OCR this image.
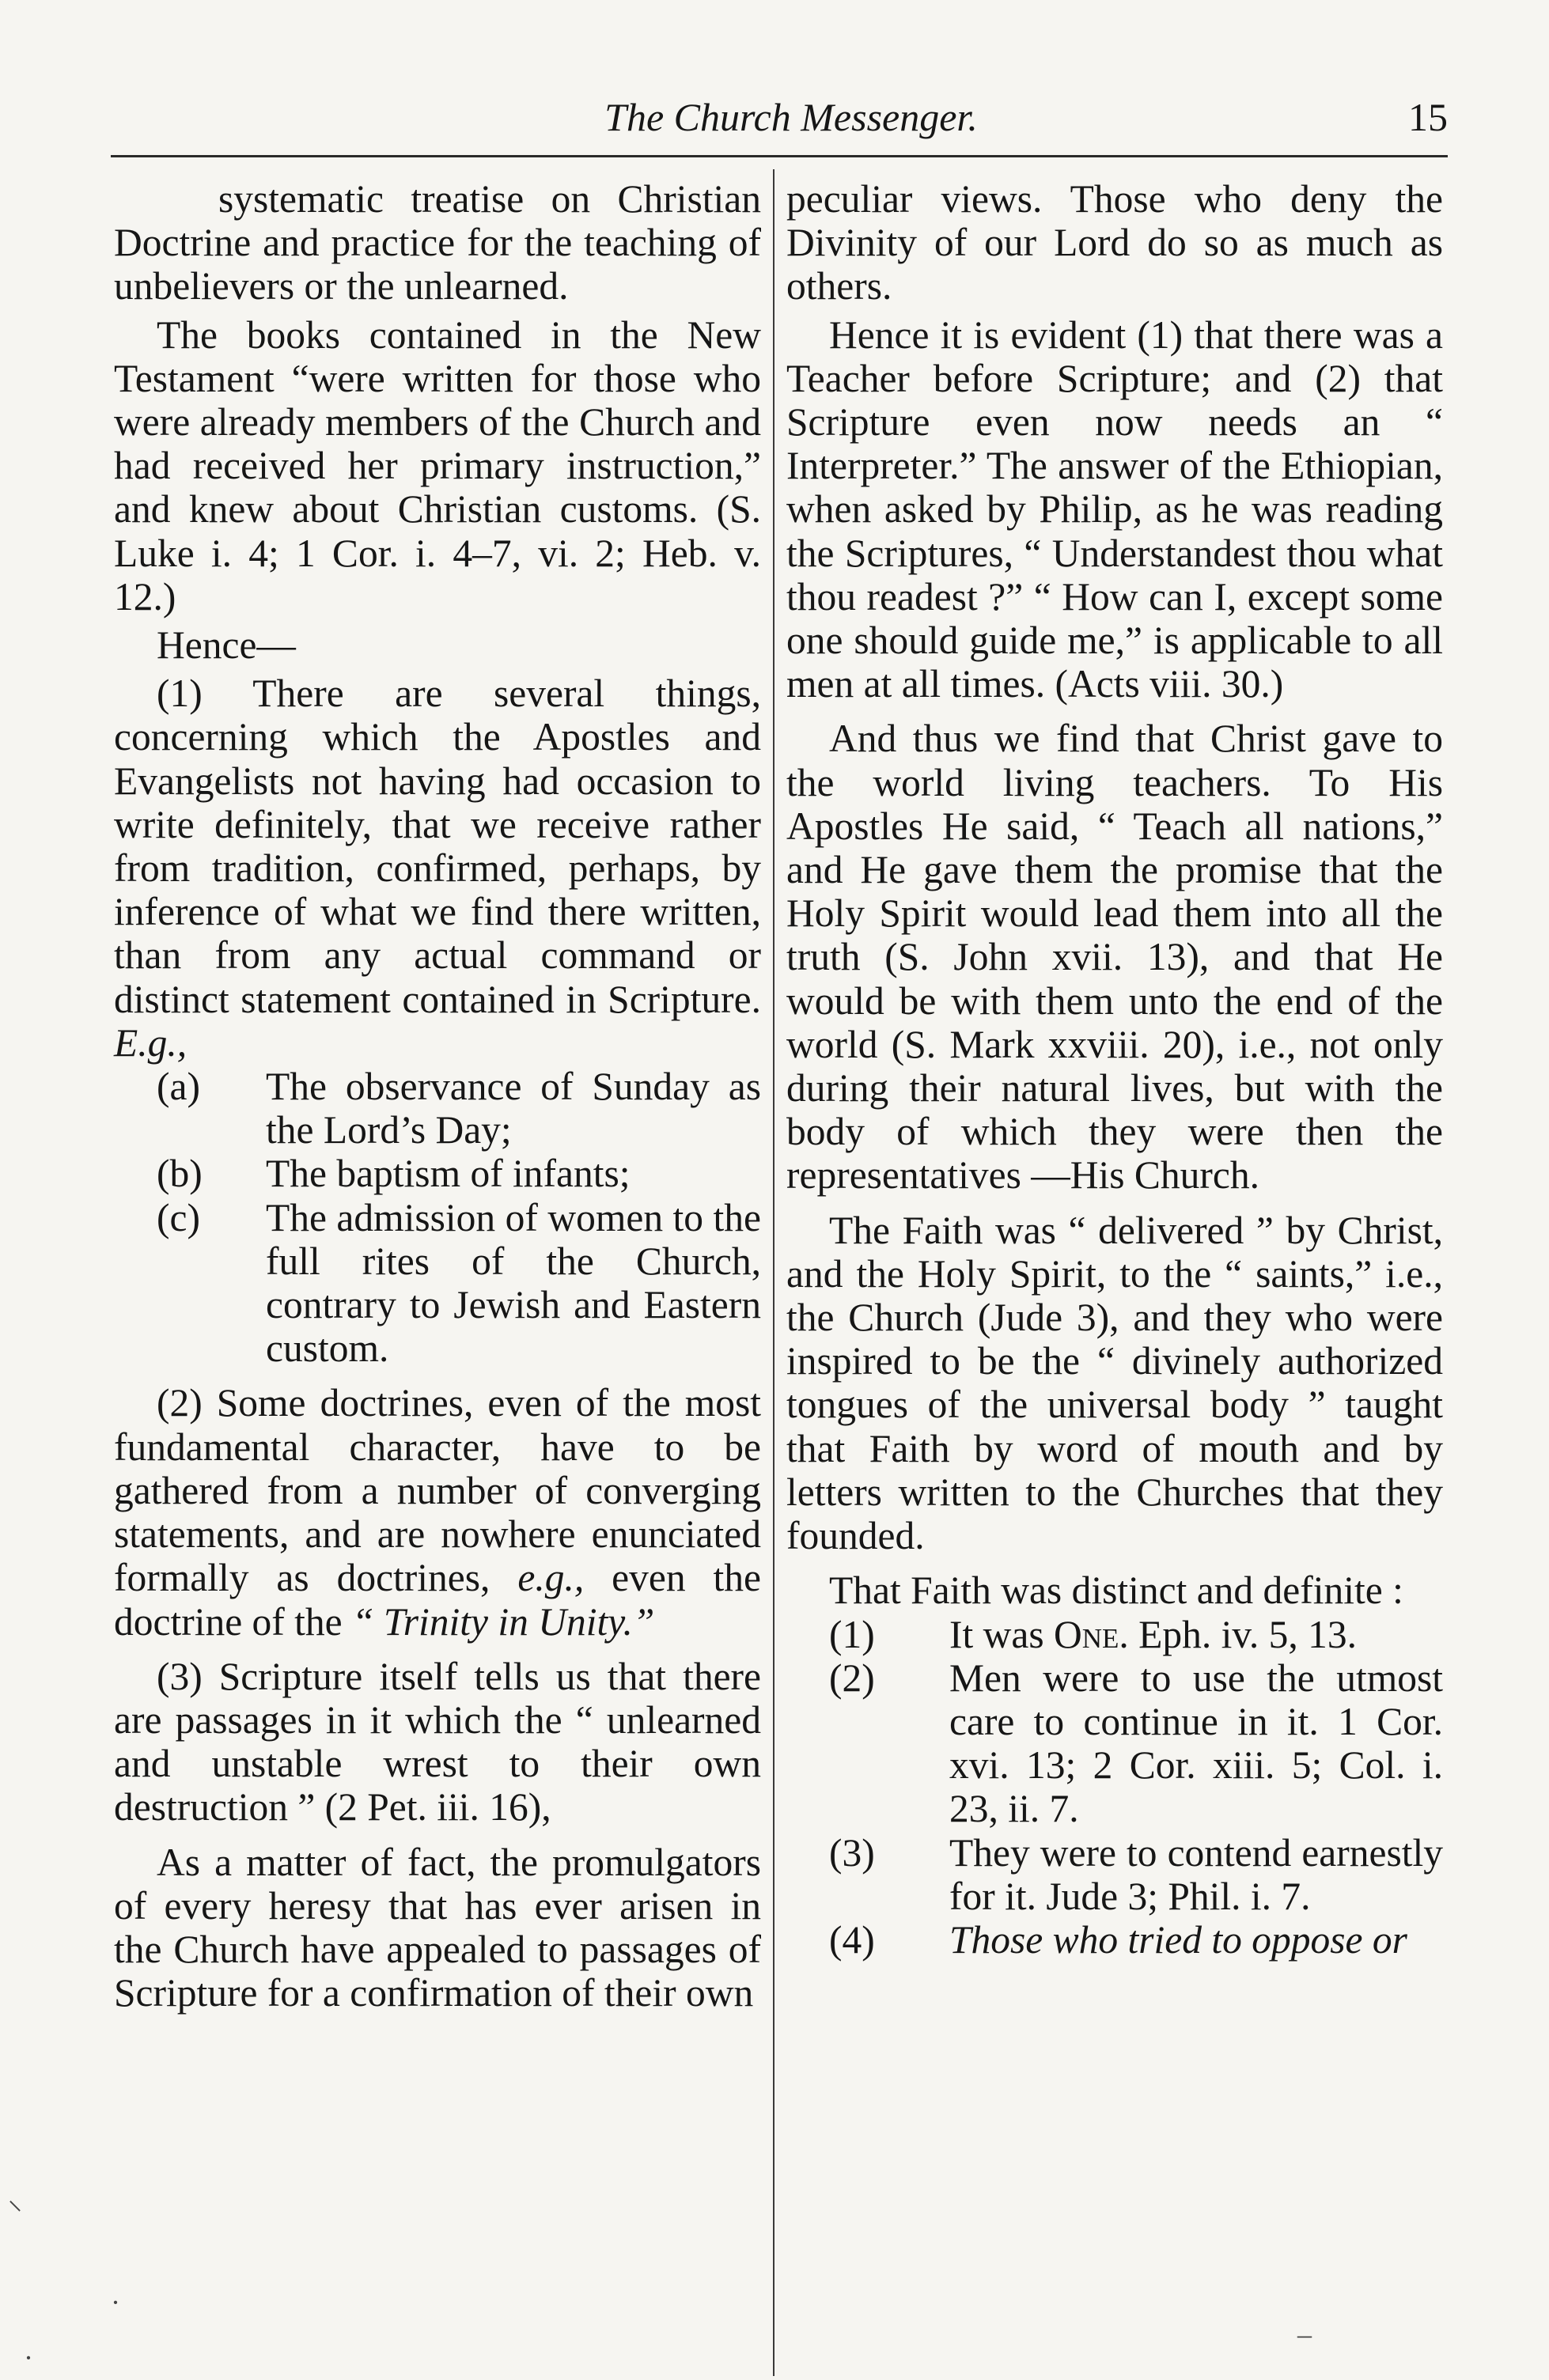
The Church Messenger.	15

systematic treatise on Christian Doctrine and practice for the teaching of unbelievers or the unlearned.

The books contained in the New Testament “were written for those who were already members of the Church and had received her primary instruction,” and knew about Christian customs. (S. Luke i. 4; 1 Cor. i. 4–7, vi. 2; Heb. v. 12.)

Hence—

(1) There are several things, concerning which the Apostles and Evangelists not having had occasion to write definitely, that we receive rather from tradition, confirmed, perhaps, by inference of what we find there written, than from any actual command or distinct statement contained in Scripture. E.g.,

(a)	The observance of Sunday as the Lord’s Day;
(b)	The baptism of infants;
(c)	The admission of women to the full rites of the Church, contrary to Jewish and Eastern custom.

(2) Some doctrines, even of the most fundamental character, have to be gathered from a number of converging statements, and are nowhere enunciated formally as doctrines, e.g., even the doctrine of the “ Trinity in Unity.”

(3) Scripture itself tells us that there are passages in it which the “ unlearned and unstable wrest to their own destruction ” (2 Pet. iii. 16),

As a matter of fact, the promulgators of every heresy that has ever arisen in the Church have appealed to passages of Scripture for a confirmation of their own

peculiar views. Those who deny the Divinity of our Lord do so as much as others.

Hence it is evident (1) that there was a Teacher before Scripture; and (2) that Scripture even now needs an “ Interpreter.” The answer of the Ethiopian, when asked by Philip, as he was reading the Scriptures, “ Understandest thou what thou readest ?” “ How can I, except some one should guide me,” is applicable to all men at all times. (Acts viii. 30.)

And thus we find that Christ gave to the world living teachers. To His Apostles He said, “ Teach all nations,” and He gave them the promise that the Holy Spirit would lead them into all the truth (S. John xvii. 13), and that He would be with them unto the end of the world (S. Mark xxviii. 20), i.e., not only during their natural lives, but with the body of which they were then the representatives —His Church.

The Faith was “ delivered ” by Christ, and the Holy Spirit, to the “ saints,” i.e., the Church (Jude 3), and they who were inspired to be the “ divinely authorized tongues of the universal body ” taught that Faith by word of mouth and by letters written to the Churches that they founded.

That Faith was distinct and definite :

(1)	It was One. Eph. iv. 5, 13.
(2)	Men were to use the utmost care to continue in it. 1 Cor. xvi. 13; 2 Cor. xiii. 5; Col. i. 23, ii. 7.
(3)	They were to contend earnestly for it. Jude 3; Phil. i. 7.
(4)	Those who tried to oppose or
⸌
·
–
·
